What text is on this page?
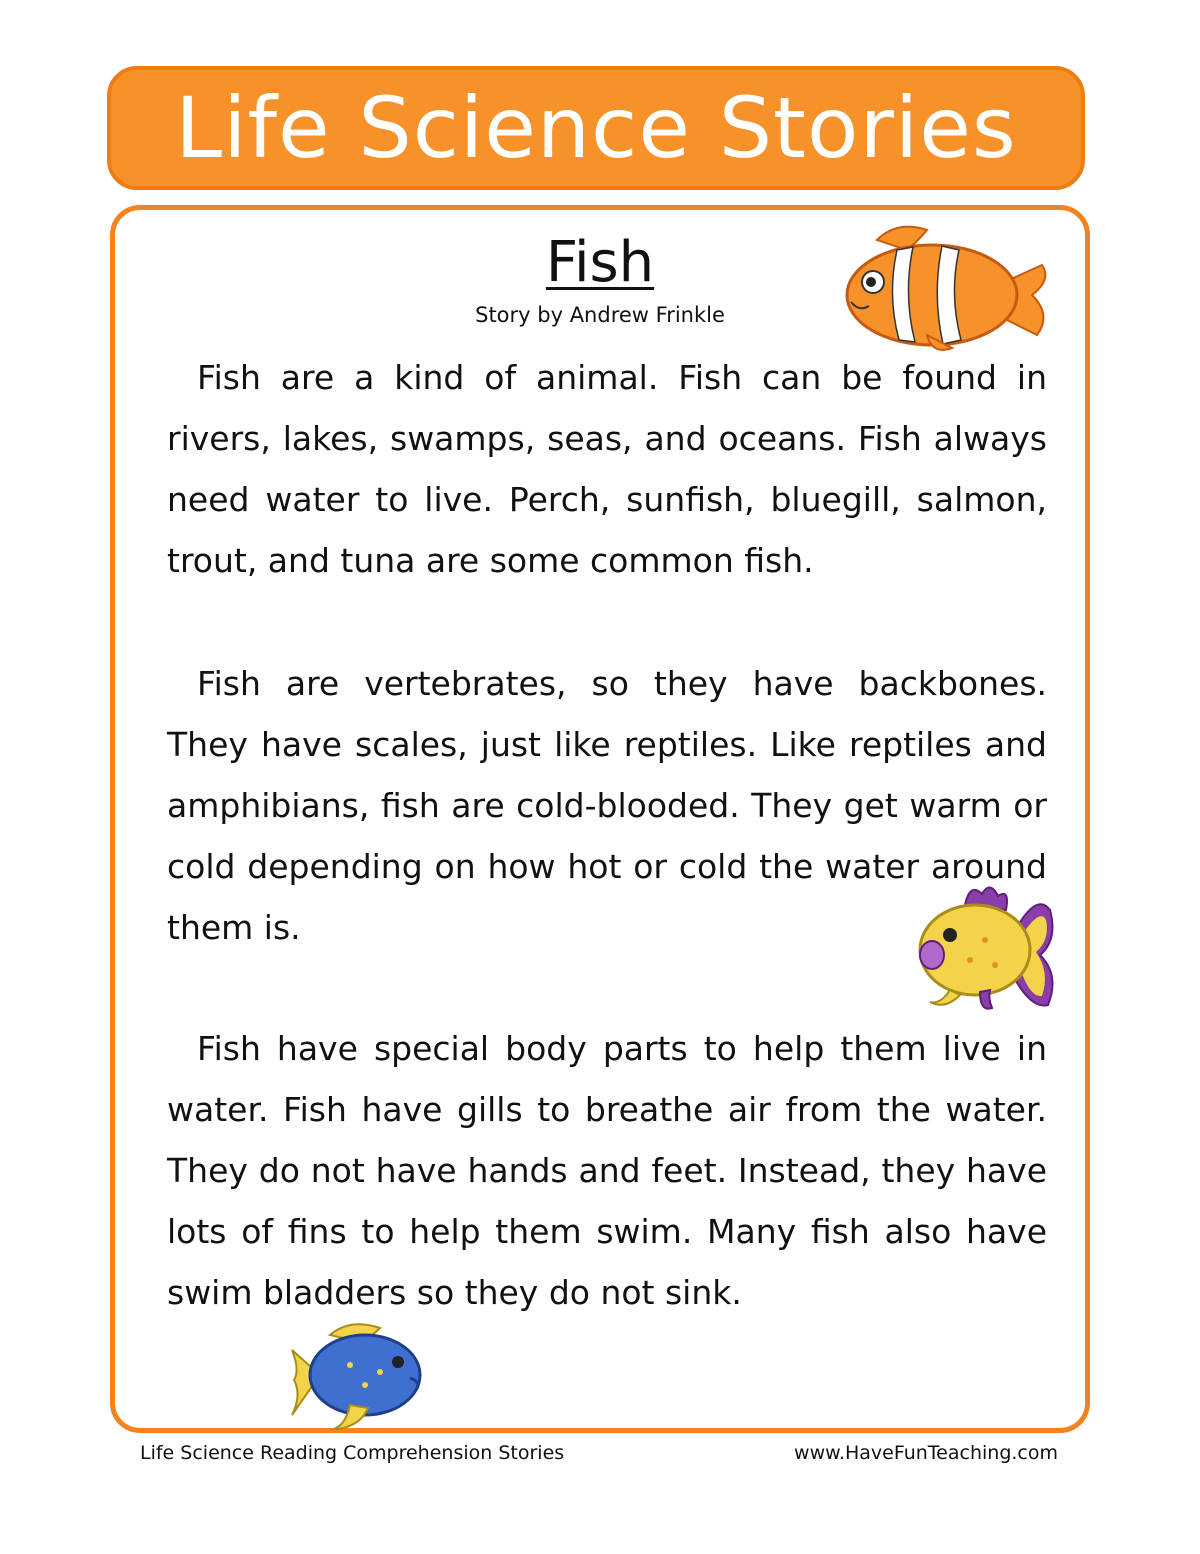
Life Science Stories
Fish
Story by Andrew Frinkle

Fish are a kind of animal. Fish can be found in rivers, lakes, swamps, seas, and oceans. Fish always need water to live. Perch, sunfish, bluegill, salmon, trout, and tuna are some common fish.

Fish are vertebrates, so they have backbones. They have scales, just like reptiles. Like reptiles and amphibians, fish are cold-blooded. They get warm or cold depending on how hot or cold the water around them is.

Fish have special body parts to help them live in water. Fish have gills to breathe air from the water. They do not have hands and feet. Instead, they have lots of fins to help them swim. Many fish also have swim bladders so they do not sink.

Life Science Reading Comprehension Stories	www.HaveFunTeaching.com
